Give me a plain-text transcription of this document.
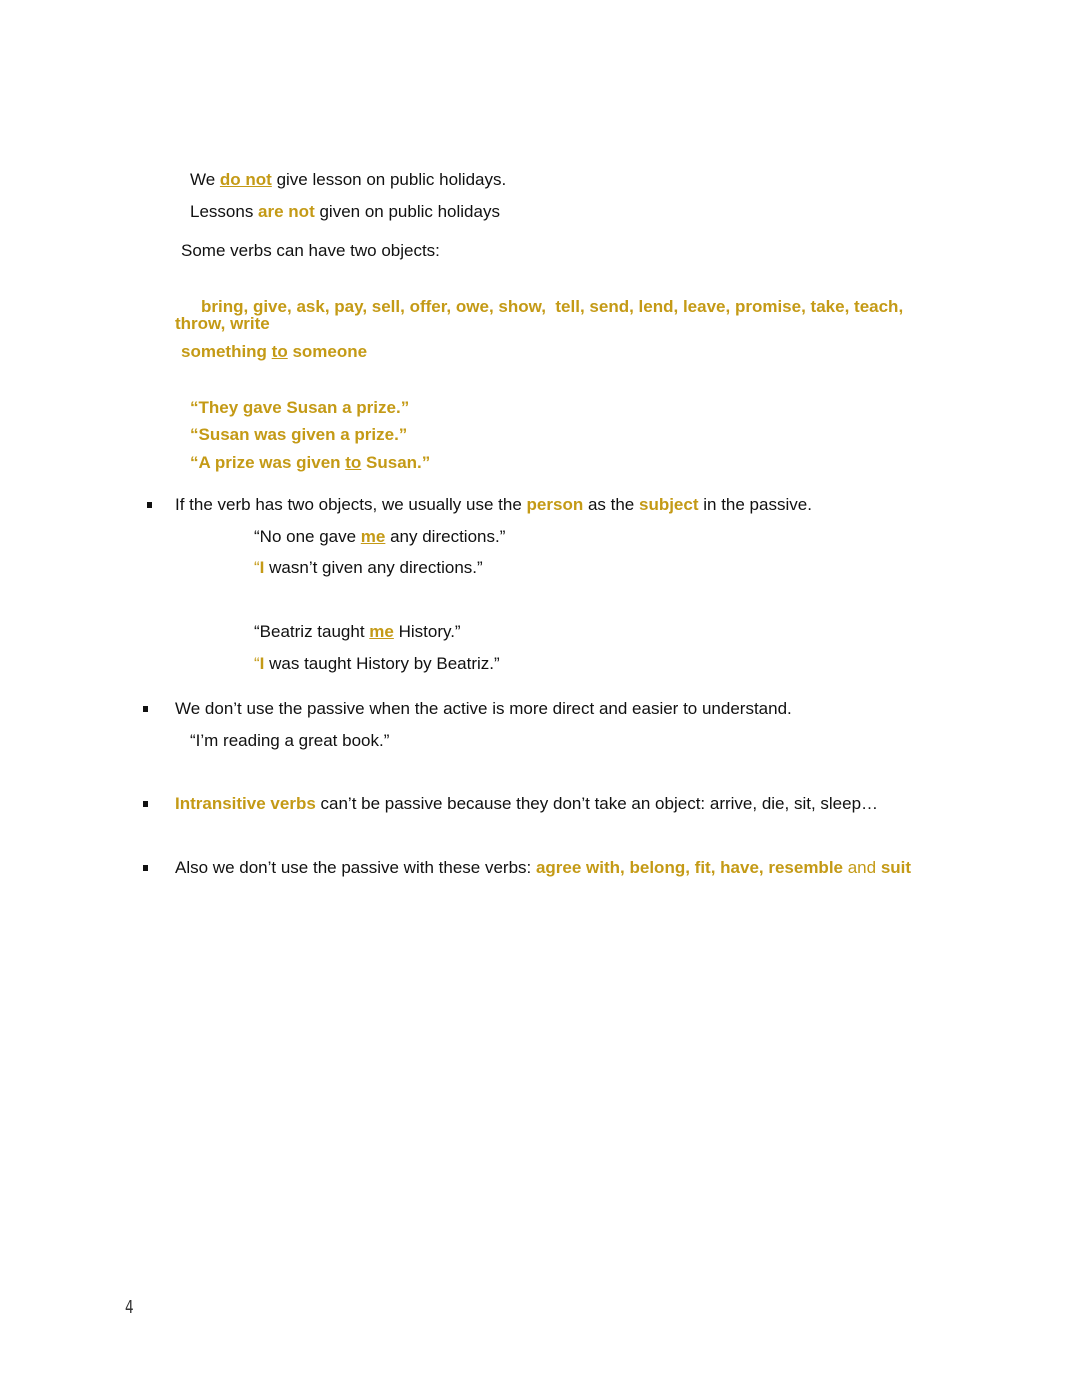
We do not give lesson on public holidays.
Lessons are not given on public holidays
Some verbs can have two objects:
bring, give, ask, pay, sell, offer, owe, show,  tell, send, lend, leave, promise, take, teach,
throw, write
something to someone
“They gave Susan a prize.”
“Susan was given a prize.”
“A prize was given to Susan.”
If the verb has two objects, we usually use the person as the subject in the passive.
“No one gave me any directions.”
“I wasn’t given any directions.”
“Beatriz taught me History.”
“I was taught History by Beatriz.”
We don’t use the passive when the active is more direct and easier to understand.
“I’m reading a great book.”
Intransitive verbs can’t be passive because they don’t take an object: arrive, die, sit, sleep…
Also we don’t use the passive with these verbs: agree with, belong, fit, have, resemble and suit
4
